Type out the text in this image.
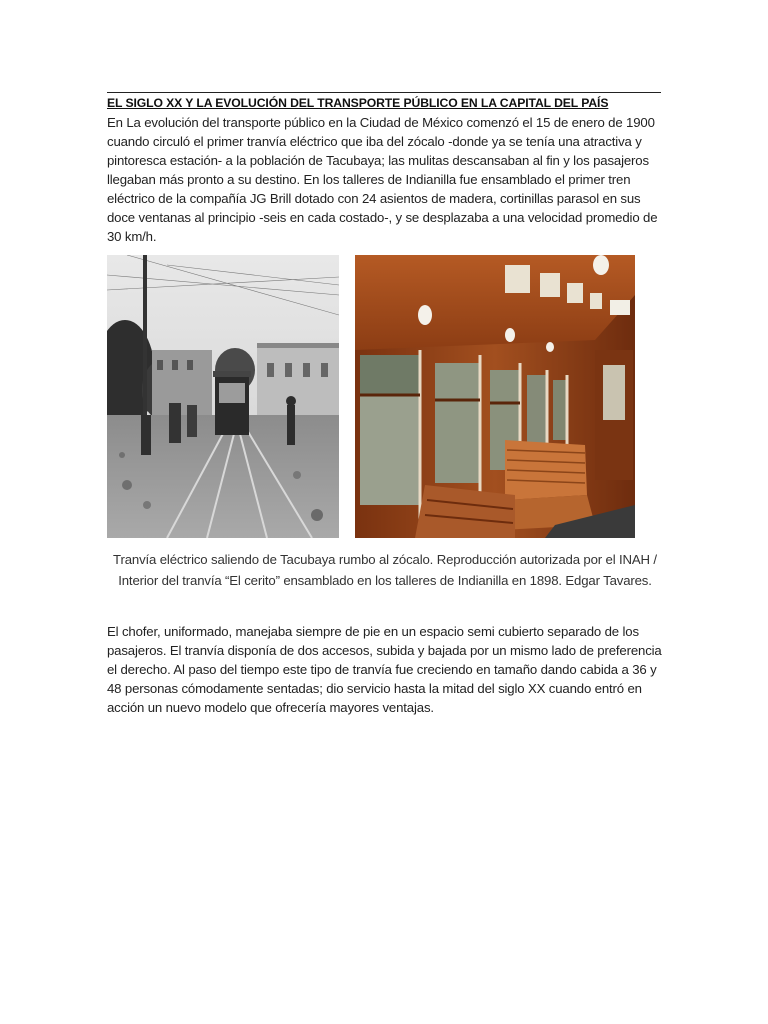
EL SIGLO XX Y LA EVOLUCIÓN DEL TRANSPORTE PÚBLICO EN LA CAPITAL DEL PAÍS
En La evolución del transporte público en la Ciudad de México comenzó el 15 de enero de 1900 cuando circuló el primer tranvía eléctrico que iba del zócalo -donde ya se tenía una atractiva y pintoresca estación- a la población de Tacubaya; las mulitas descansaban al fin y los pasajeros llegaban más pronto a su destino. En los talleres de Indianilla fue ensamblado el primer tren eléctrico de la compañía JG Brill dotado con 24 asientos de madera, cortinillas parasol en sus doce ventanas al principio -seis en cada costado-, y se desplazaba a una velocidad promedio de 30 km/h.
Tranvía eléctrico saliendo de Tacubaya rumbo al zócalo. Reproducción autorizada por el INAH / Interior del tranvía “El cerito” ensamblado en los talleres de Indianilla en 1898. Edgar Tavares.
El chofer, uniformado, manejaba siempre de pie en un espacio semi cubierto separado de los pasajeros. El tranvía disponía de dos accesos, subida y bajada por un mismo lado de preferencia el derecho. Al paso del tiempo este tipo de tranvía fue creciendo en tamaño dando cabida a 36 y 48 personas cómodamente sentadas; dio servicio hasta la mitad del siglo XX cuando entró en acción un nuevo modelo que ofrecería mayores ventajas.
